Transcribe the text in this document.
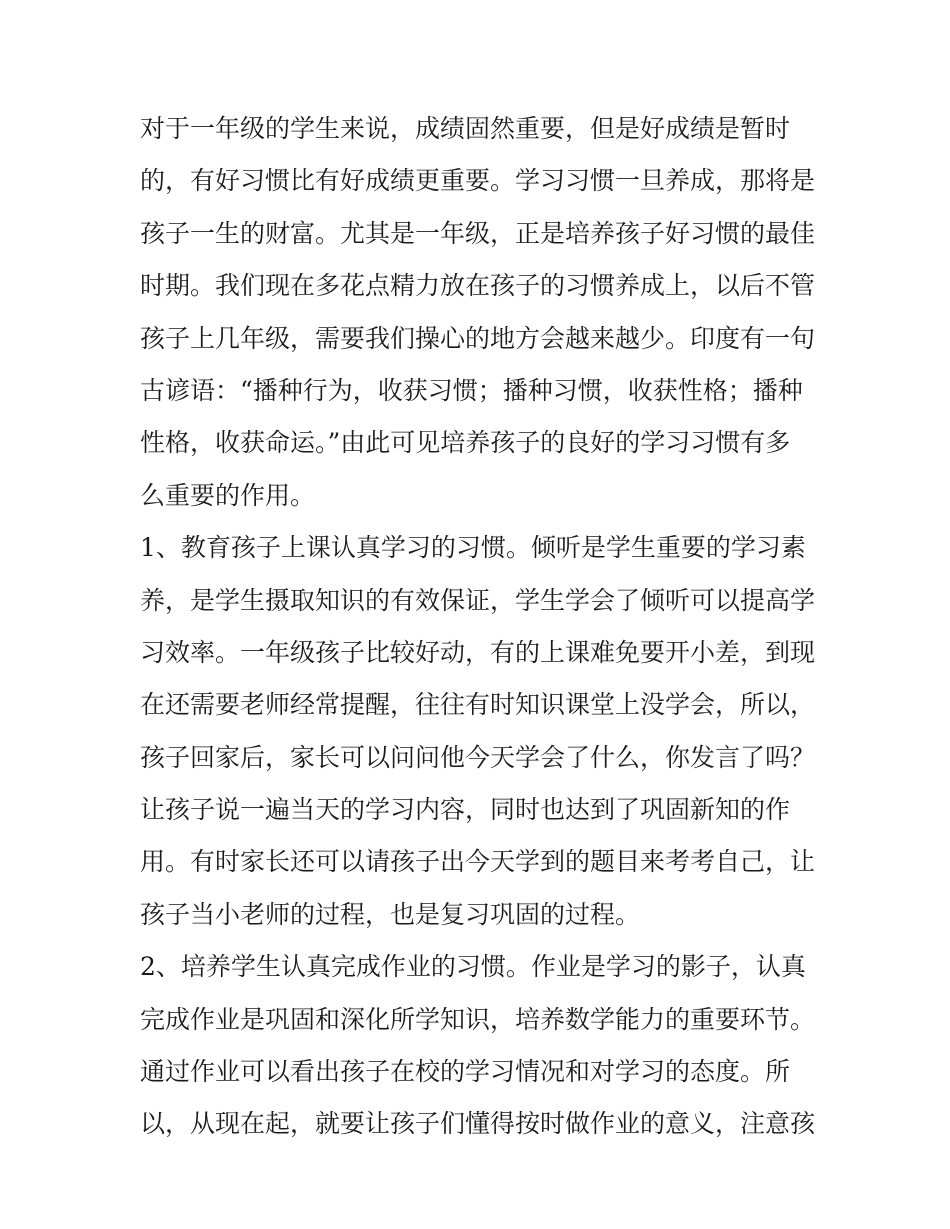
对于一年级的学生来说，成绩固然重要，但是好成绩是暂时
的，有好习惯比有好成绩更重要。学习习惯一旦养成，那将是
孩子一生的财富。尤其是一年级，正是培养孩子好习惯的最佳
时期。我们现在多花点精力放在孩子的习惯养成上，以后不管
孩子上几年级，需要我们操心的地方会越来越少。印度有一句
古谚语：“播种行为，收获习惯；播种习惯，收获性格；播种
性格，收获命运。”由此可见培养孩子的良好的学习习惯有多
么重要的作用。
1、教育孩子上课认真学习的习惯。倾听是学生重要的学习素
养，是学生摄取知识的有效保证，学生学会了倾听可以提高学
习效率。一年级孩子比较好动，有的上课难免要开小差，到现
在还需要老师经常提醒，往往有时知识课堂上没学会，所以，
孩子回家后，家长可以问问他今天学会了什么，你发言了吗？
让孩子说一遍当天的学习内容，同时也达到了巩固新知的作
用。有时家长还可以请孩子出今天学到的题目来考考自己，让
孩子当小老师的过程，也是复习巩固的过程。
2、培养学生认真完成作业的习惯。作业是学习的影子，认真
完成作业是巩固和深化所学知识，培养数学能力的重要环节。
通过作业可以看出孩子在校的学习情况和对学习的态度。所
以，从现在起，就要让孩子们懂得按时做作业的意义，注意孩
